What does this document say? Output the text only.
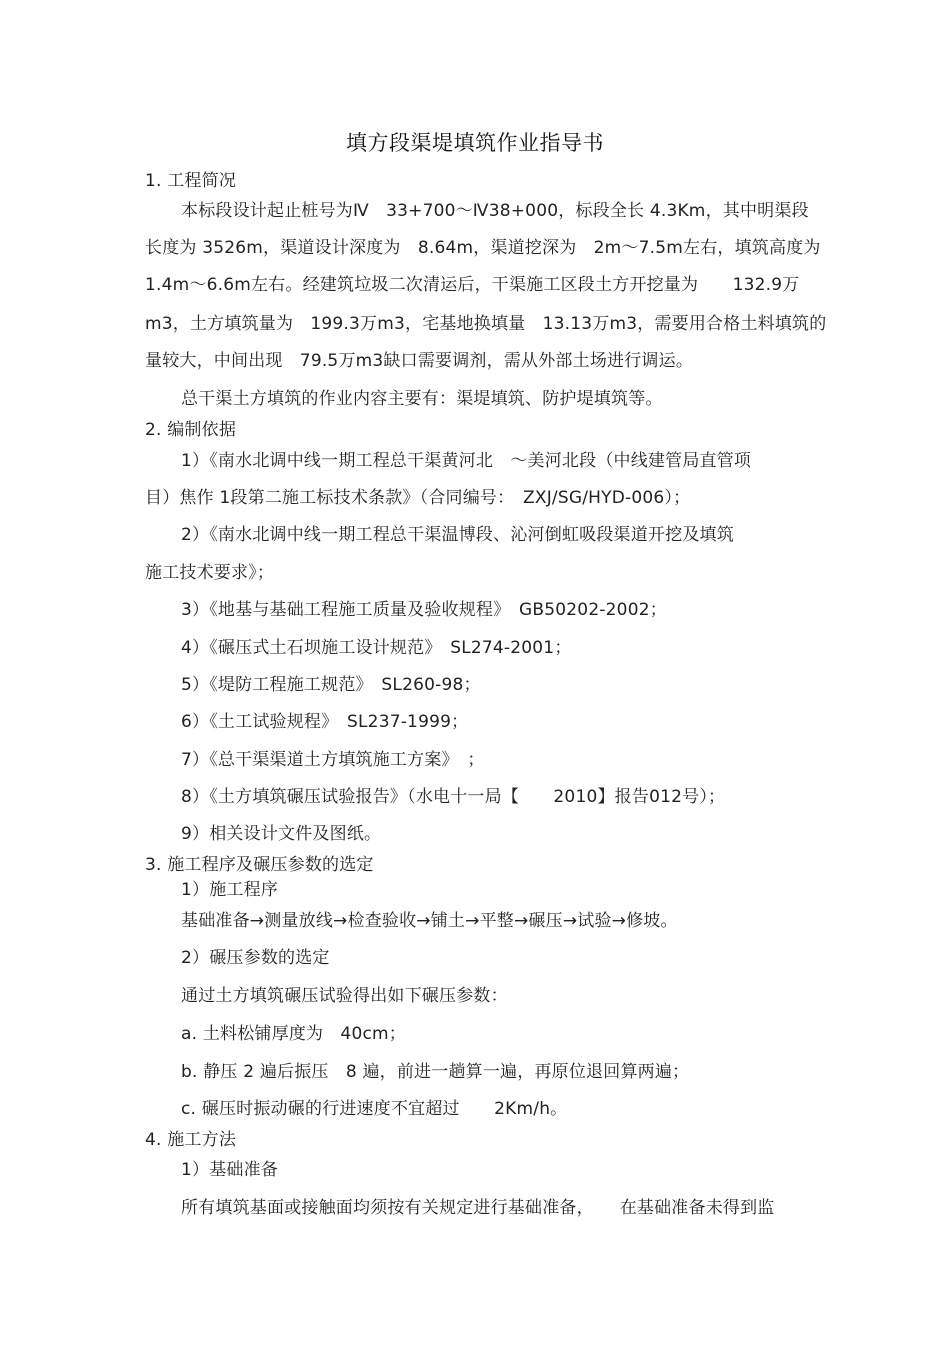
填方段渠堤填筑作业指导书
1. 工程简况
本标段设计起止桩号为Ⅳ　33+700～Ⅳ38+000，标段全长 4.3Km，其中明渠段
长度为 3526m，渠道设计深度为　8.64m，渠道挖深为　2m～7.5m左右，填筑高度为
1.4m～6.6m左右。经建筑垃圾二次清运后，干渠施工区段土方开挖量为　　132.9万
m3，土方填筑量为　199.3万m3，宅基地换填量　13.13万m3，需要用合格土料填筑的
量较大，中间出现　79.5万m3缺口需要调剂，需从外部土场进行调运。
总干渠土方填筑的作业内容主要有：渠堤填筑、防护堤填筑等。
2. 编制依据
1）《南水北调中线一期工程总干渠黄河北　～美河北段（中线建管局直管项
目）焦作 1段第二施工标技术条款》（合同编号：　ZXJ/SG/HYD-006）；
2）《南水北调中线一期工程总干渠温博段、沁河倒虹吸段渠道开挖及填筑
施工技术要求》；
3）《地基与基础工程施工质量及验收规程》　GB50202-2002；
4）《碾压式土石坝施工设计规范》　SL274-2001；
5）《堤防工程施工规范》　SL260-98；
6）《土工试验规程》　SL237-1999；
7）《总干渠渠道土方填筑施工方案》　；
8）《土方填筑碾压试验报告》（水电十一局【　　2010】报告012号）；
9）相关设计文件及图纸。
3. 施工程序及碾压参数的选定
1）施工程序
基础准备→测量放线→检查验收→铺土→平整→碾压→试验→修坡。
2）碾压参数的选定
通过土方填筑碾压试验得出如下碾压参数：
a. 土料松铺厚度为　40cm；
b. 静压 2 遍后振压　8 遍，前进一趟算一遍，再原位退回算两遍；
c. 碾压时振动碾的行进速度不宜超过　　2Km/h。
4. 施工方法
1）基础准备
所有填筑基面或接触面均须按有关规定进行基础准备，　　在基础准备未得到监
